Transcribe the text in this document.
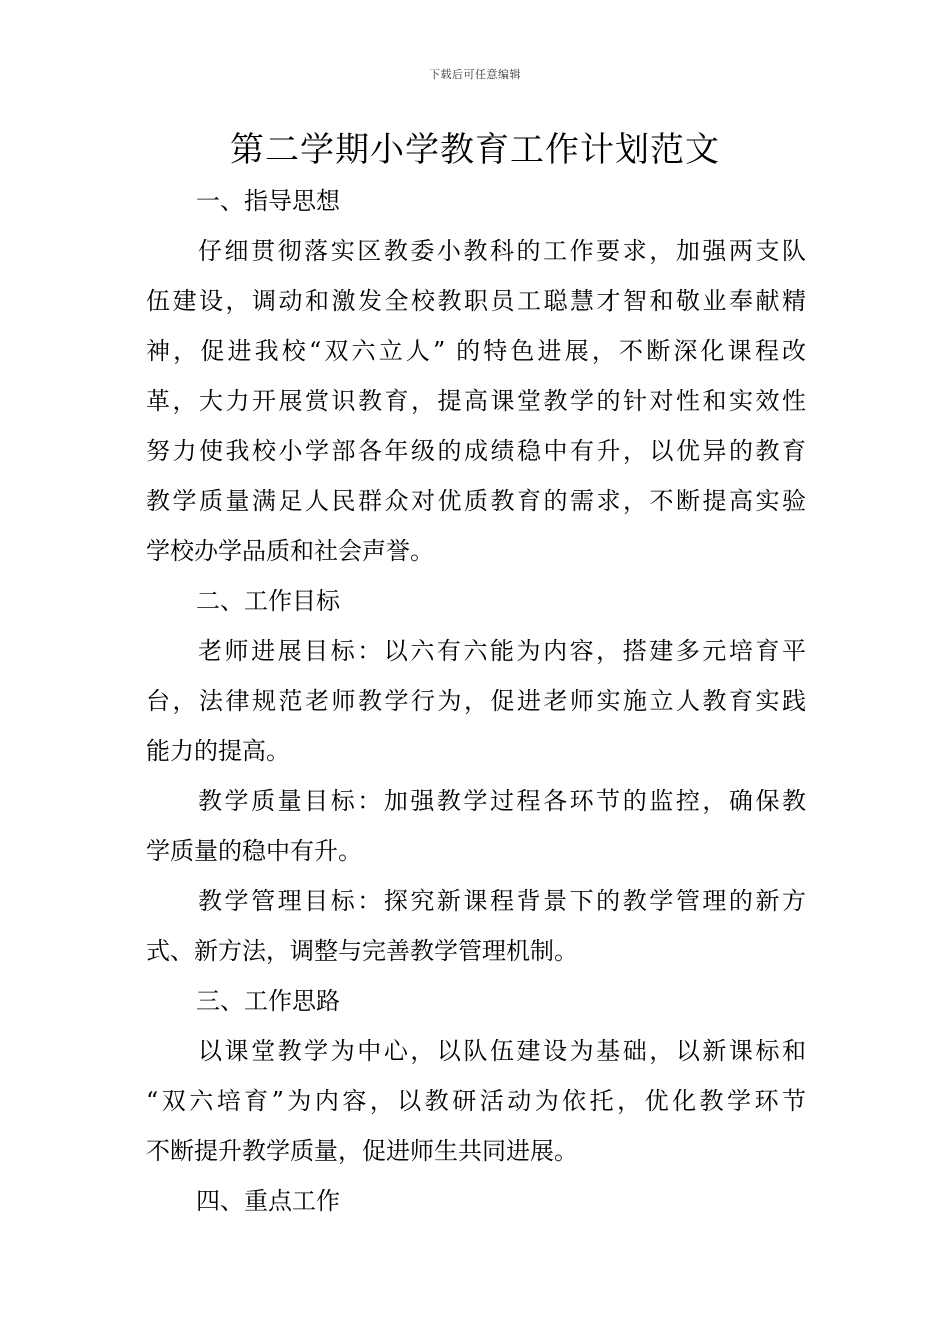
下载后可任意编辑
第二学期小学教育工作计划范文
一、指导思想
仔细贯彻落实区教委小教科的工作要求，加强两支队
伍建设，调动和激发全校教职员工聪慧才智和敬业奉献精
神，促进我校“双六立人” 的特色进展，不断深化课程改
革，大力开展赏识教育，提高课堂教学的针对性和实效性
努力使我校小学部各年级的成绩稳中有升，以优异的教育
教学质量满足人民群众对优质教育的需求，不断提高实验
学校办学品质和社会声誉。
二、工作目标
老师进展目标：以六有六能为内容，搭建多元培育平
台，法律规范老师教学行为，促进老师实施立人教育实践
能力的提高。
教学质量目标：加强教学过程各环节的监控，确保教
学质量的稳中有升。
教学管理目标：探究新课程背景下的教学管理的新方
式、新方法，调整与完善教学管理机制。
三、工作思路
以课堂教学为中心，以队伍建设为基础，以新课标和
“双六培育”为内容，以教研活动为依托，优化教学环节
不断提升教学质量，促进师生共同进展。
四、重点工作
